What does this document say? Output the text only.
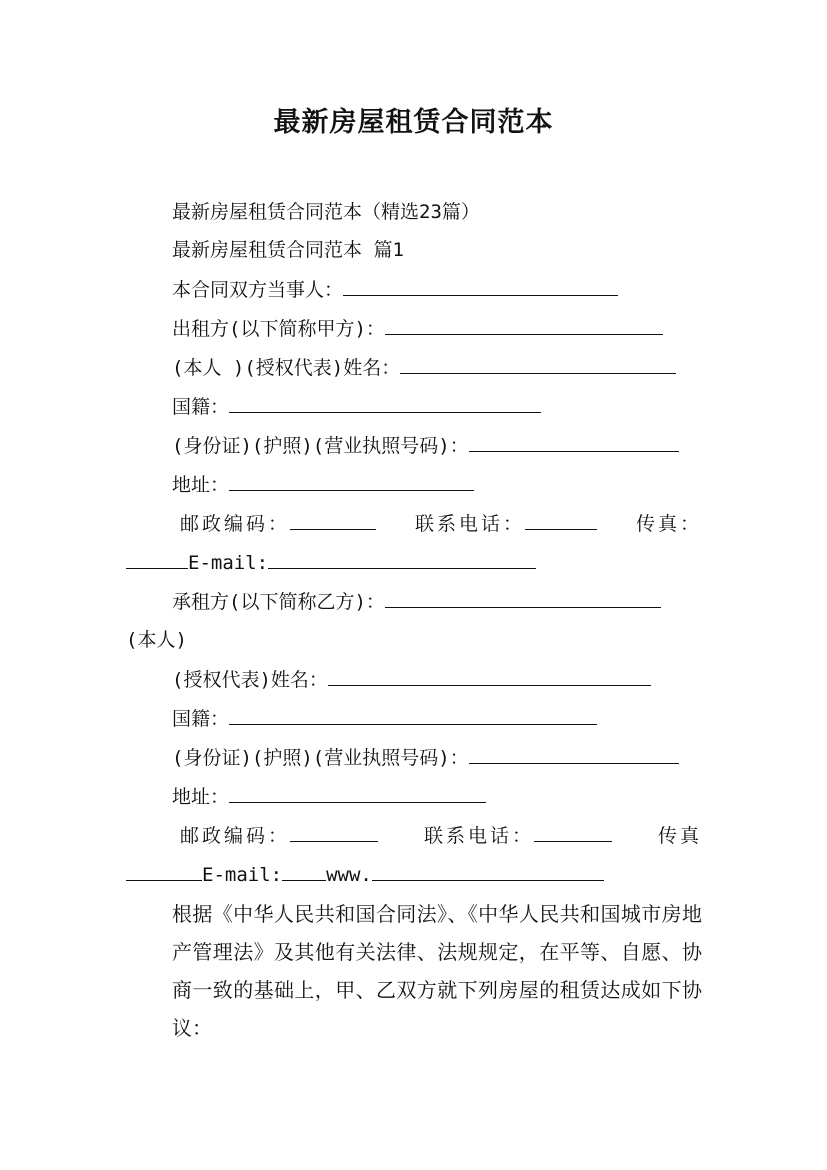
最新房屋租赁合同范本
最新房屋租赁合同范本（精选23篇）
最新房屋租赁合同范本 篇1
本合同双方当事人：
出租方(以下简称甲方)：
(本人 )(授权代表)姓名：
国籍：
(身份证)(护照)(营业执照号码)：
地址：
邮政编码：	联系电话：	传真：
E-mail:
承租方(以下简称乙方)：
(本人)
(授权代表)姓名：
国籍：
(身份证)(护照)(营业执照号码)：
地址：
邮政编码：	联系电话：	传真
E-mail: www.
根据《中华人民共和国合同法》、《中华人民共和国城市房地产管理法》及其他有关法律、法规规定，在平等、自愿、协商一致的基础上，甲、乙双方就下列房屋的租赁达成如下协议：
